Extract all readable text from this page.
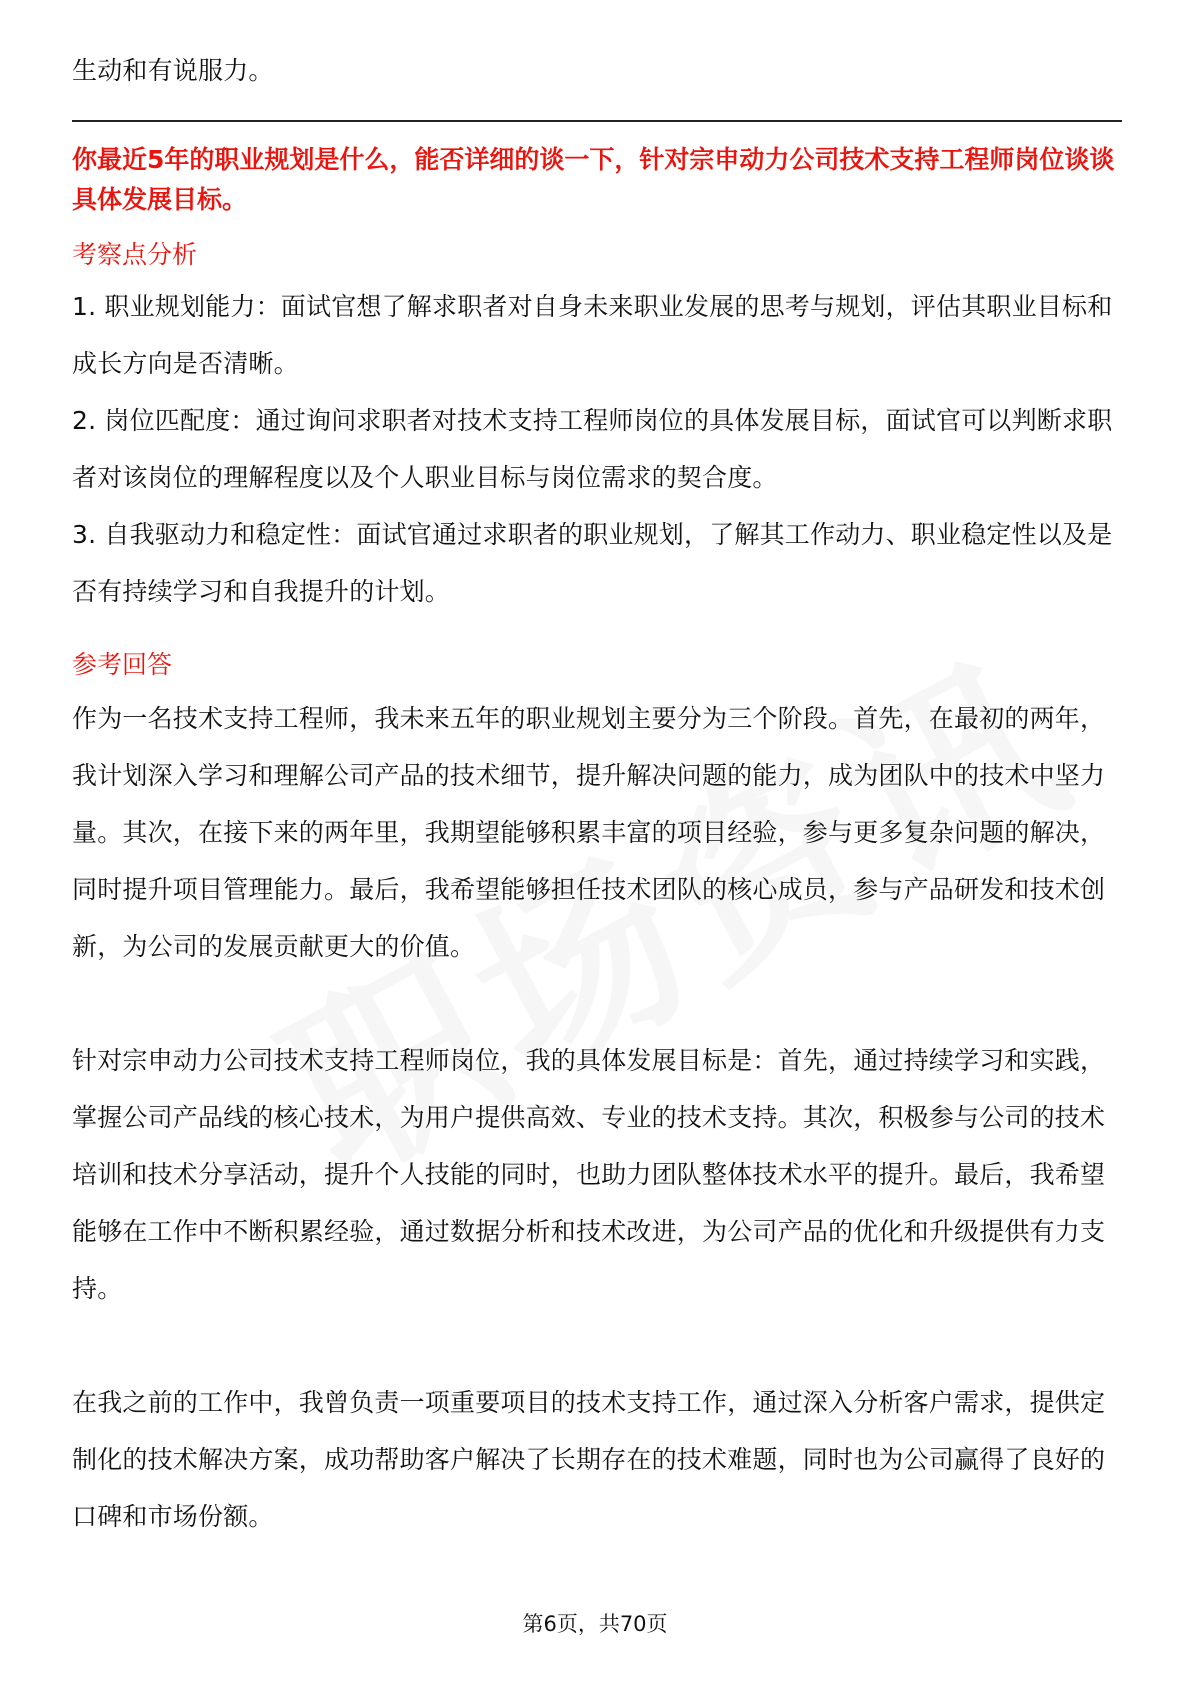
生动和有说服力。

你最近5年的职业规划是什么，能否详细的谈一下，针对宗申动力公司技术支持工程师岗位谈谈具体发展目标。

考察点分析

1. 职业规划能力：面试官想了解求职者对自身未来职业发展的思考与规划，评估其职业目标和成长方向是否清晰。

2. 岗位匹配度：通过询问求职者对技术支持工程师岗位的具体发展目标，面试官可以判断求职者对该岗位的理解程度以及个人职业目标与岗位需求的契合度。

3. 自我驱动力和稳定性：面试官通过求职者的职业规划，了解其工作动力、职业稳定性以及是否有持续学习和自我提升的计划。

参考回答

作为一名技术支持工程师，我未来五年的职业规划主要分为三个阶段。首先，在最初的两年，我计划深入学习和理解公司产品的技术细节，提升解决问题的能力，成为团队中的技术中坚力量。其次，在接下来的两年里，我期望能够积累丰富的项目经验，参与更多复杂问题的解决，同时提升项目管理能力。最后，我希望能够担任技术团队的核心成员，参与产品研发和技术创新，为公司的发展贡献更大的价值。

针对宗申动力公司技术支持工程师岗位，我的具体发展目标是：首先，通过持续学习和实践，掌握公司产品线的核心技术，为用户提供高效、专业的技术支持。其次，积极参与公司的技术培训和技术分享活动，提升个人技能的同时，也助力团队整体技术水平的提升。最后，我希望能够在工作中不断积累经验，通过数据分析和技术改进，为公司产品的优化和升级提供有力支持。

在我之前的工作中，我曾负责一项重要项目的技术支持工作，通过深入分析客户需求，提供定制化的技术解决方案，成功帮助客户解决了长期存在的技术难题，同时也为公司赢得了良好的口碑和市场份额。

第6页，共70页
